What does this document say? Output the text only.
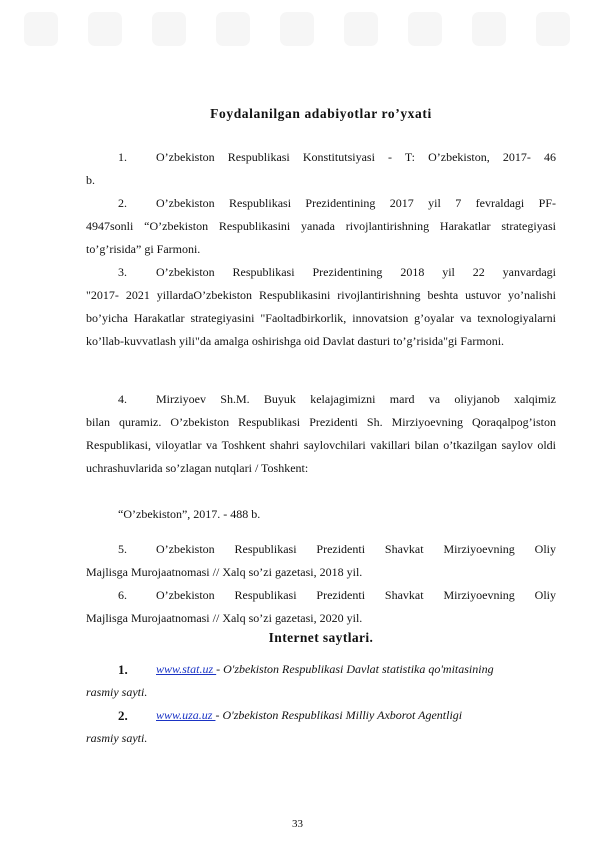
Foydalanilgan adabiyotlar ro’yxati
1.	O’zbekiston Respublikasi Konstitutsiyasi - T: O’zbekiston, 2017- 46
b.
2.	O’zbekiston Respublikasi Prezidentining 2017 yil 7 fevraldagi PF-
4947sonli “O’zbekiston Respublikasini yanada rivojlantirishning Harakatlar strategiyasi to’g’risida” gi Farmoni.
3.	O’zbekiston Respublikasi Prezidentining 2018 yil 22 yanvardagi
"2017- 2021 yillardaO’zbekiston Respublikasini rivojlantirishning beshta ustuvor yo’nalishi bo’yicha Harakatlar strategiyasini "Faoltadbirkorlik, innovatsion g’oyalar va texnologiyalarni ko’llab-kuvvatlash yili"da amalga oshirishga oid Davlat dasturi to’g’risida"gi Farmoni.
4.	Mirziyoev Sh.M. Buyuk kelajagimizni mard va oliyjanob xalqimiz
bilan quramiz. O’zbekiston Respublikasi Prezidenti Sh. Mirziyoevning Qoraqalpog’iston Respublikasi, viloyatlar va Toshkent shahri saylovchilari vakillari bilan o’tkazilgan saylov oldi uchrashuvlarida so’zlagan nutqlari / Toshkent:
“O’zbekiston”, 2017. - 488 b.
5.	O’zbekiston Respublikasi Prezidenti Shavkat Mirziyoevning Oliy
Majlisga Murojaatnomasi // Xalq so’zi gazetasi, 2018 yil.
6.	O’zbekiston Respublikasi Prezidenti Shavkat Mirziyoevning Oliy
Majlisga Murojaatnomasi // Xalq so’zi gazetasi, 2020 yil.
Internet saytlari.
1.	www.stat.uz - O'zbekiston Respublikasi Davlat statistika qo'mitasining
rasmiy sayti.
2.	www.uza.uz - O'zbekiston Respublikasi Milliy Axborot Agentligi
rasmiy sayti.
33
